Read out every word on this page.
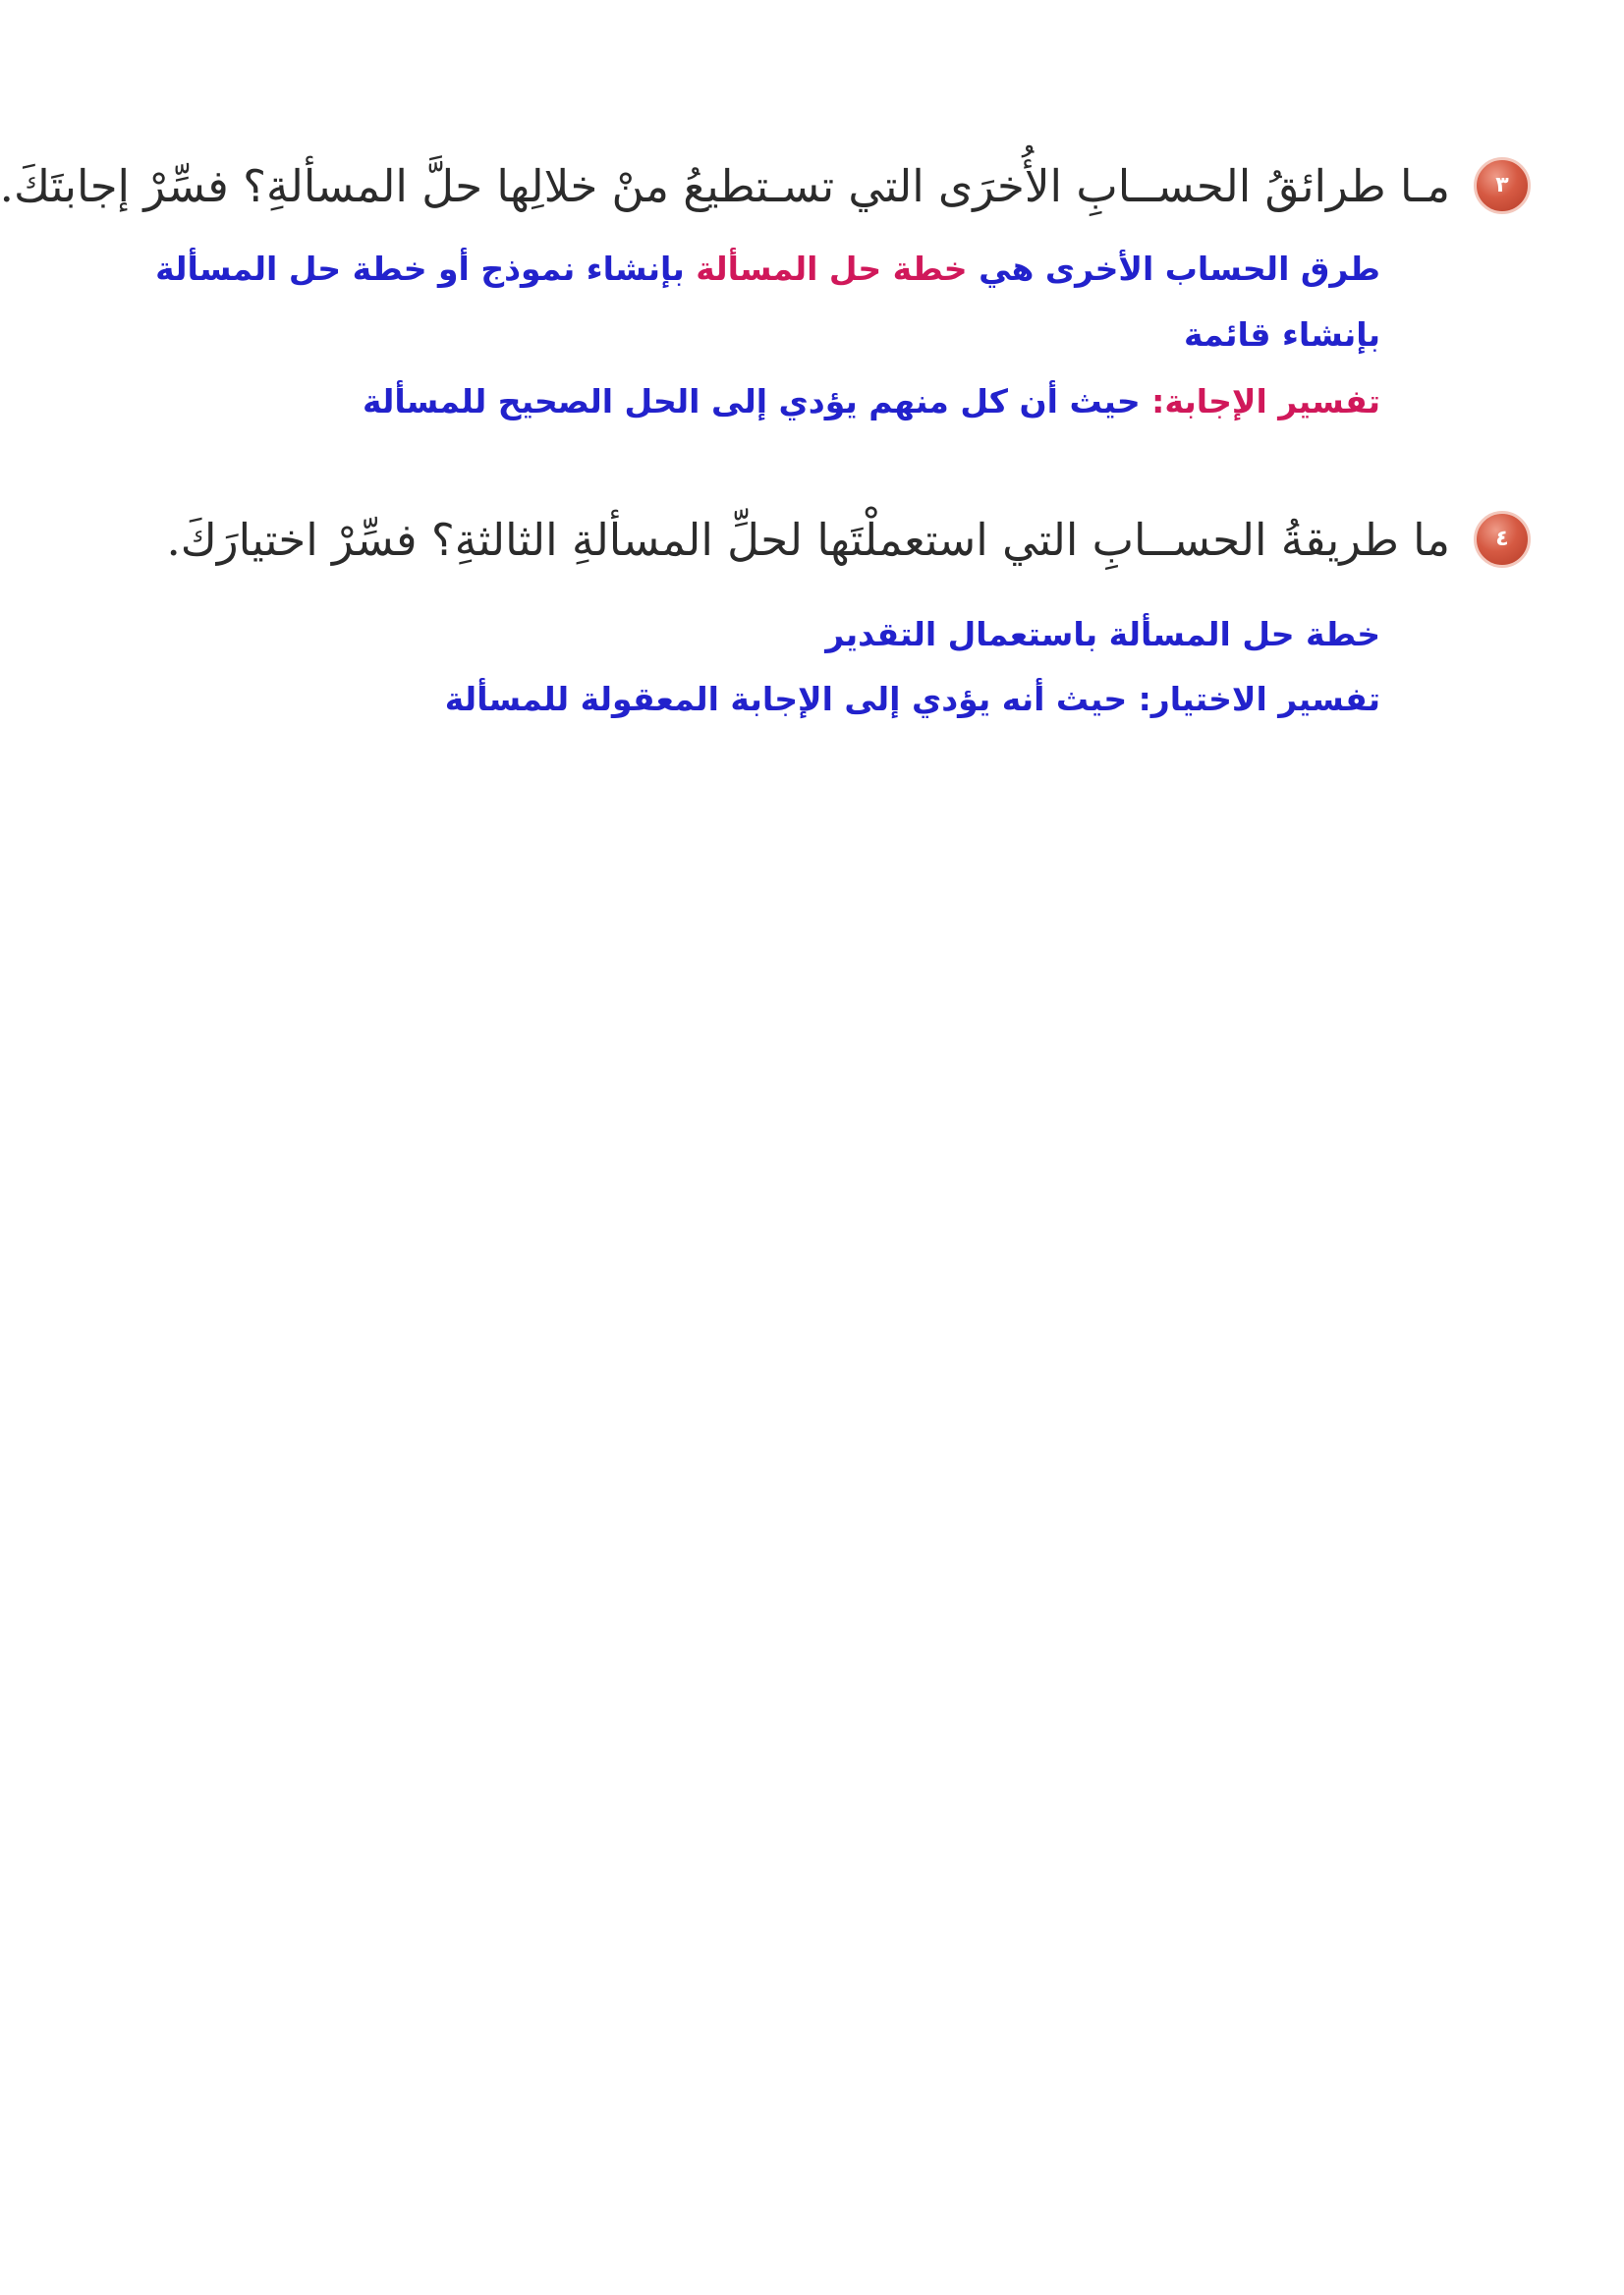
٣
مـا طرائقُ الحســابِ الأُخرَى التي تسـتطيعُ منْ خلالِها حلَّ المسألةِ؟ فسِّرْ إجابتَكَ.
طرق الحساب الأخرى هي خطة حل المسألة بإنشاء نموذج أو خطة حل المسألة
بإنشاء قائمة
تفسير الإجابة: حيث أن كل منهم يؤدي إلى الحل الصحيح للمسألة
٤
ما طريقةُ الحســابِ التي استعملْتَها لحلِّ المسألةِ الثالثةِ؟ فسِّرْ اختيارَكَ.
خطة حل المسألة باستعمال التقدير
تفسير الاختيار: حيث أنه يؤدي إلى الإجابة المعقولة للمسألة
